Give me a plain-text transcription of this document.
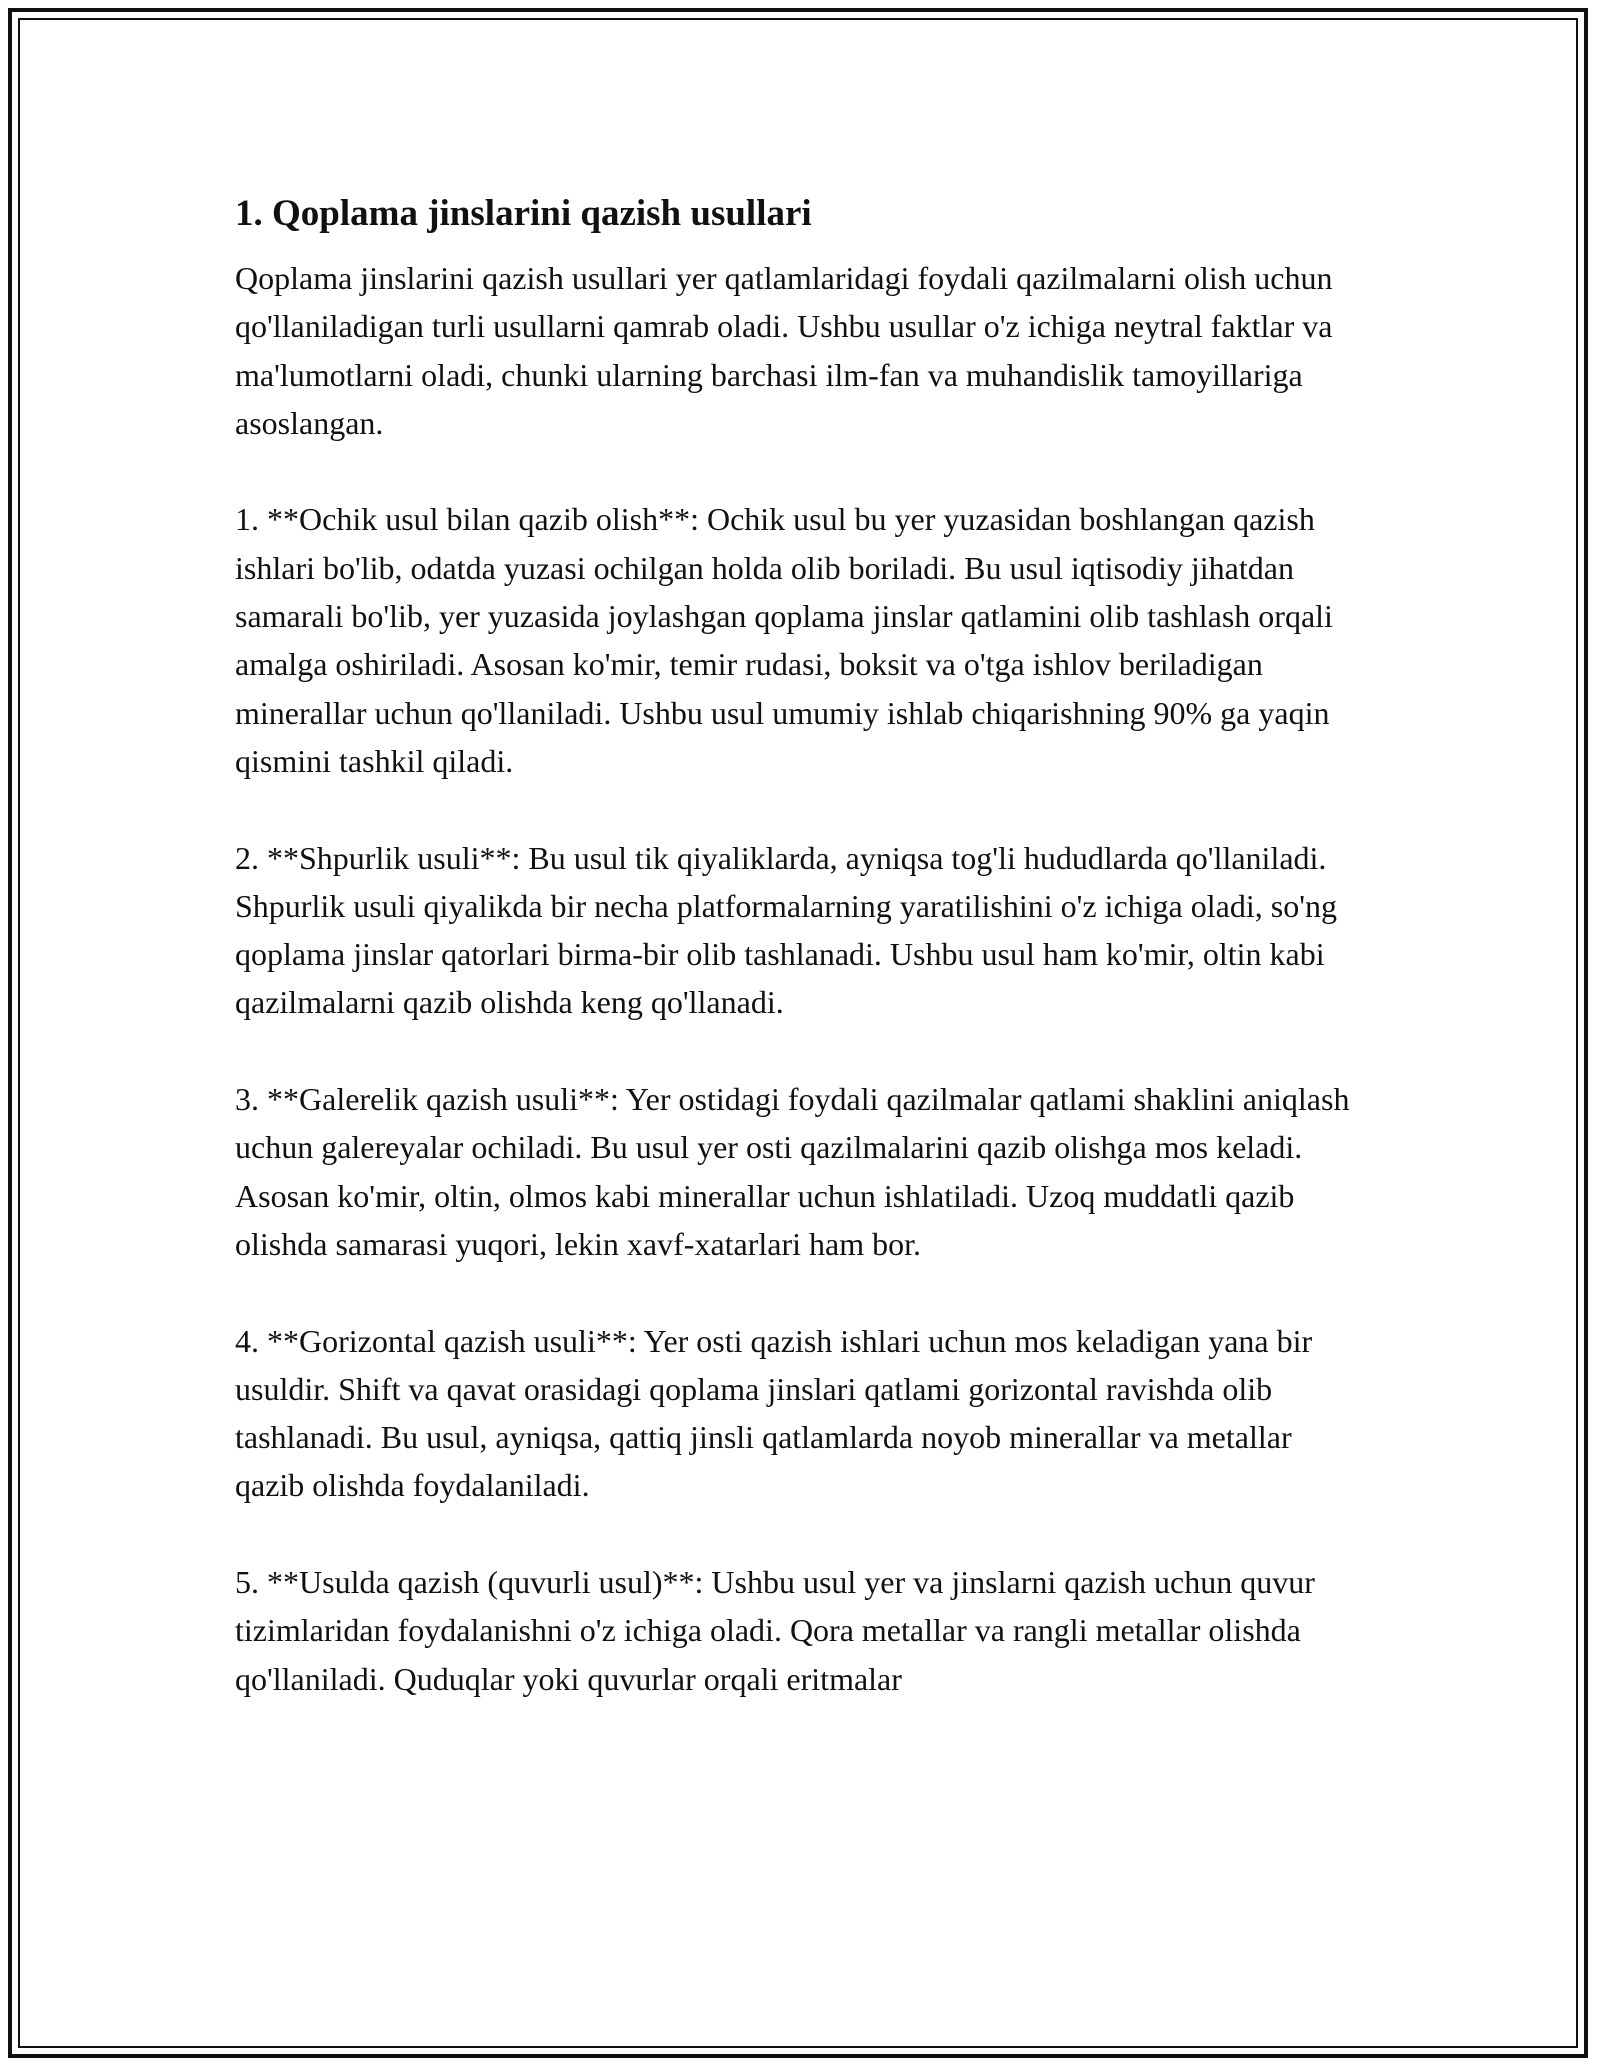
1. Qoplama jinslarini qazish usullari

Qoplama jinslarini qazish usullari yer qatlamlaridagi foydali qazilmalarni olish uchun qo'llaniladigan turli usullarni qamrab oladi. Ushbu usullar o'z ichiga neytral faktlar va ma'lumotlarni oladi, chunki ularning barchasi ilm-fan va muhandislik tamoyillariga asoslangan.

1. **Ochik usul bilan qazib olish**: Ochik usul bu yer yuzasidan boshlangan qazish ishlari bo'lib, odatda yuzasi ochilgan holda olib boriladi. Bu usul iqtisodiy jihatdan samarali bo'lib, yer yuzasida joylashgan qoplama jinslar qatlamini olib tashlash orqali amalga oshiriladi. Asosan ko'mir, temir rudasi, boksit va o'tga ishlov beriladigan minerallar uchun qo'llaniladi. Ushbu usul umumiy ishlab chiqarishning 90% ga yaqin qismini tashkil qiladi.

2. **Shpurlik usuli**: Bu usul tik qiyaliklarda, ayniqsa tog'li hududlarda qo'llaniladi. Shpurlik usuli qiyalikda bir necha platformalarning yaratilishini o'z ichiga oladi, so'ng qoplama jinslar qatorlari birma-bir olib tashlanadi. Ushbu usul ham ko'mir, oltin kabi qazilmalarni qazib olishda keng qo'llanadi.

3. **Galerelik qazish usuli**: Yer ostidagi foydali qazilmalar qatlami shaklini aniqlash uchun galereyalar ochiladi. Bu usul yer osti qazilmalarini qazib olishga mos keladi. Asosan ko'mir, oltin, olmos kabi minerallar uchun ishlatiladi. Uzoq muddatli qazib olishda samarasi yuqori, lekin xavf-xatarlari ham bor.

4. **Gorizontal qazish usuli**: Yer osti qazish ishlari uchun mos keladigan yana bir usuldir. Shift va qavat orasidagi qoplama jinslari qatlami gorizontal ravishda olib tashlanadi. Bu usul, ayniqsa, qattiq jinsli qatlamlarda noyob minerallar va metallar qazib olishda foydalaniladi.

5. **Usulda qazish (quvurli usul)**: Ushbu usul yer va jinslarni qazish uchun quvur tizimlaridan foydalanishni o'z ichiga oladi. Qora metallar va rangli metallar olishda qo'llaniladi. Quduqlar yoki quvurlar orqali eritmalar
